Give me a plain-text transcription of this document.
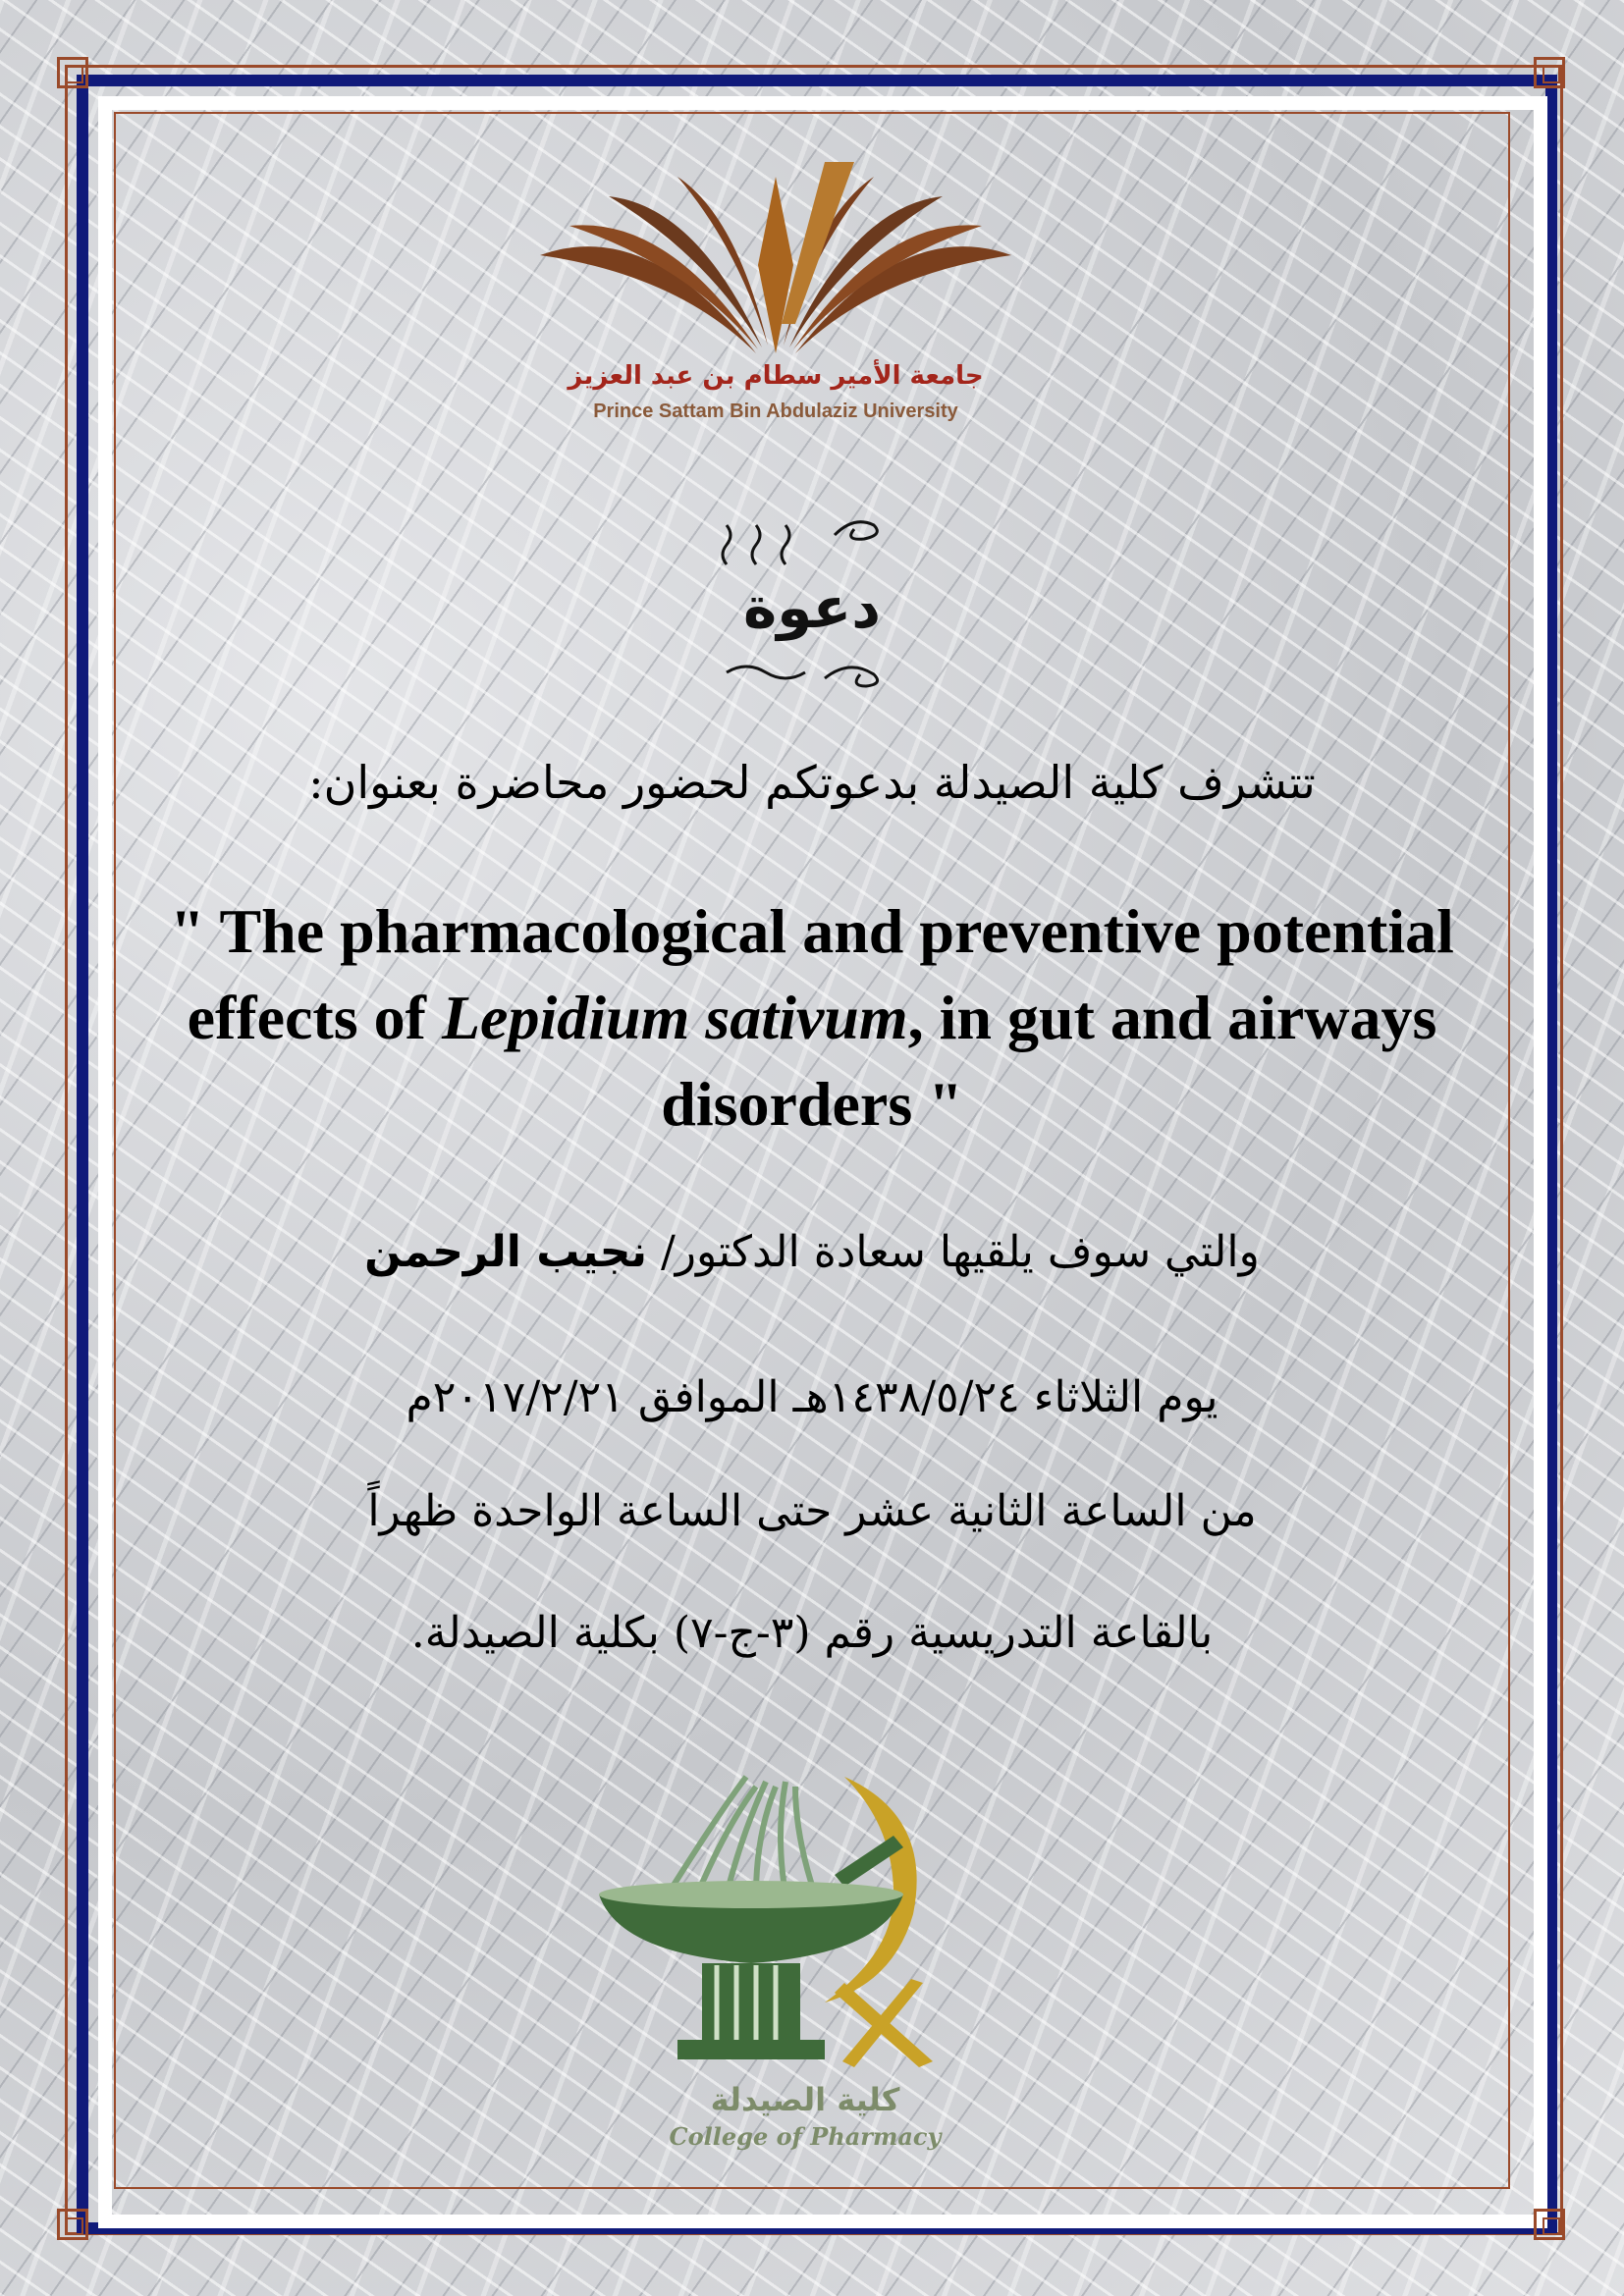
جامعة الأمير سطام بن عبد العزيز
Prince Sattam Bin Abdulaziz University
دعوة
تتشرف كلية الصيدلة بدعوتكم لحضور محاضرة بعنوان:
" The pharmacological and preventive potential effects of Lepidium sativum, in gut and airways disorders "
والتي سوف يلقيها سعادة الدكتور/ نجيب الرحمن
يوم الثلاثاء ١٤٣٨/٥/٢٤هـ الموافق ٢٠١٧/٢/٢١م
من الساعة الثانية عشر حتى الساعة الواحدة ظهراً
بالقاعة التدريسية رقم (٣-ج-٧) بكلية الصيدلة.
كلية الصيدلة
College of Pharmacy
